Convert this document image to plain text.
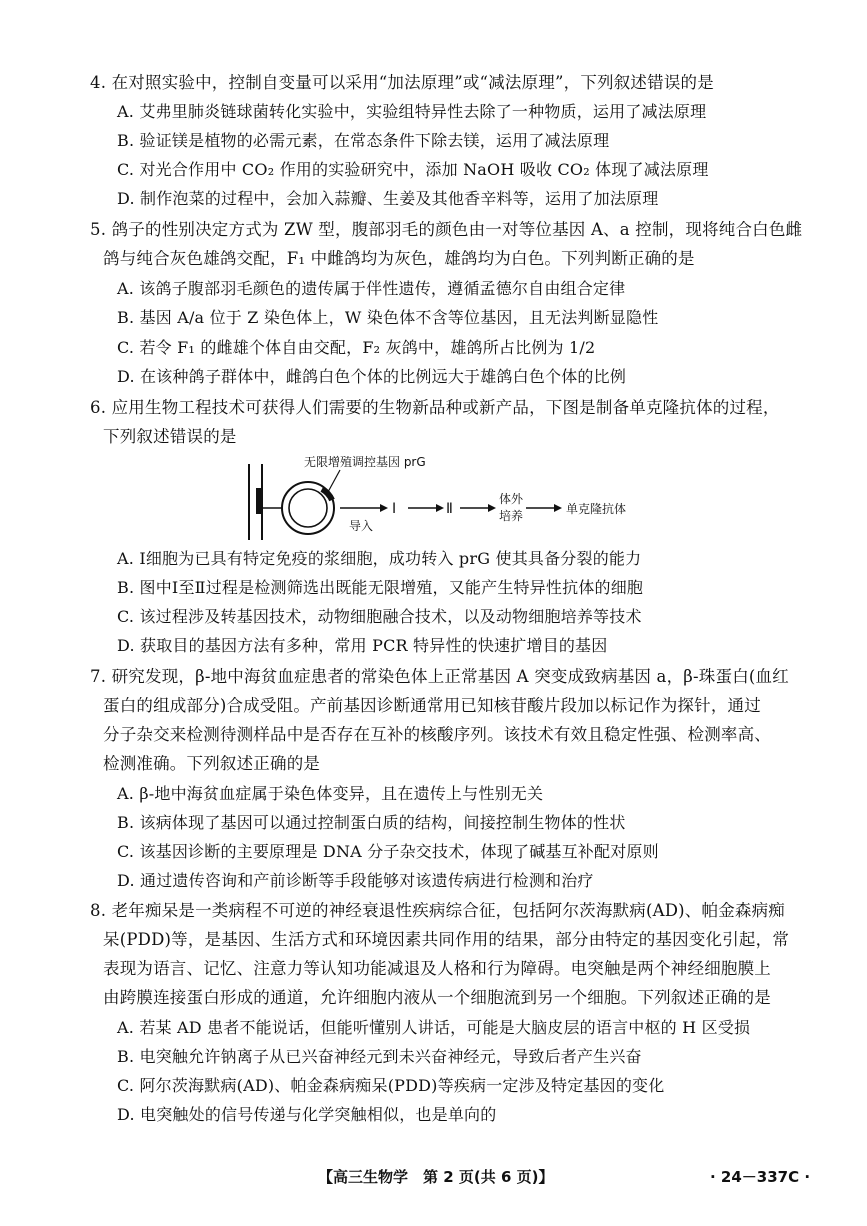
4. 在对照实验中，控制自变量可以采用“加法原理”或“减法原理”，下列叙述错误的是
A. 艾弗里肺炎链球菌转化实验中，实验组特异性去除了一种物质，运用了减法原理
B. 验证镁是植物的必需元素，在常态条件下除去镁，运用了减法原理
C. 对光合作用中 CO₂ 作用的实验研究中，添加 NaOH 吸收 CO₂ 体现了减法原理
D. 制作泡菜的过程中，会加入蒜瓣、生姜及其他香辛料等，运用了加法原理
5. 鸽子的性别决定方式为 ZW 型，腹部羽毛的颜色由一对等位基因 A、a 控制，现将纯合白色雌
鸽与纯合灰色雄鸽交配，F₁ 中雌鸽均为灰色，雄鸽均为白色。下列判断正确的是
A. 该鸽子腹部羽毛颜色的遗传属于伴性遗传，遵循孟德尔自由组合定律
B. 基因 A/a 位于 Z 染色体上，W 染色体不含等位基因，且无法判断显隐性
C. 若令 F₁ 的雌雄个体自由交配，F₂ 灰鸽中，雄鸽所占比例为 1/2
D. 在该种鸽子群体中，雌鸽白色个体的比例远大于雄鸽白色个体的比例
6. 应用生物工程技术可获得人们需要的生物新品种或新产品，下图是制备单克隆抗体的过程，
下列叙述错误的是
无限增殖调控基因 prG
导入
Ⅰ	Ⅱ
体外
培养	单克隆抗体
A. Ⅰ细胞为已具有特定免疫的浆细胞，成功转入 prG 使其具备分裂的能力
B. 图中Ⅰ至Ⅱ过程是检测筛选出既能无限增殖，又能产生特异性抗体的细胞
C. 该过程涉及转基因技术，动物细胞融合技术，以及动物细胞培养等技术
D. 获取目的基因方法有多种，常用 PCR 特异性的快速扩增目的基因
7. 研究发现，β-地中海贫血症患者的常染色体上正常基因 A 突变成致病基因 a，β-珠蛋白(血红
蛋白的组成部分)合成受阻。产前基因诊断通常用已知核苷酸片段加以标记作为探针，通过
分子杂交来检测待测样品中是否存在互补的核酸序列。该技术有效且稳定性强、检测率高、
检测准确。下列叙述正确的是
A. β-地中海贫血症属于染色体变异，且在遗传上与性别无关
B. 该病体现了基因可以通过控制蛋白质的结构，间接控制生物体的性状
C. 该基因诊断的主要原理是 DNA 分子杂交技术，体现了碱基互补配对原则
D. 通过遗传咨询和产前诊断等手段能够对该遗传病进行检测和治疗
8. 老年痴呆是一类病程不可逆的神经衰退性疾病综合征，包括阿尔茨海默病(AD)、帕金森病痴
呆(PDD)等，是基因、生活方式和环境因素共同作用的结果，部分由特定的基因变化引起，常
表现为语言、记忆、注意力等认知功能减退及人格和行为障碍。电突触是两个神经细胞膜上
由跨膜连接蛋白形成的通道，允许细胞内液从一个细胞流到另一个细胞。下列叙述正确的是
A. 若某 AD 患者不能说话，但能听懂别人讲话，可能是大脑皮层的语言中枢的 H 区受损
B. 电突触允许钠离子从已兴奋神经元到未兴奋神经元，导致后者产生兴奋
C. 阿尔茨海默病(AD)、帕金森病痴呆(PDD)等疾病一定涉及特定基因的变化
D. 电突触处的信号传递与化学突触相似，也是单向的
【高三生物学　第 2 页(共 6 页)】	· 24－337C ·
